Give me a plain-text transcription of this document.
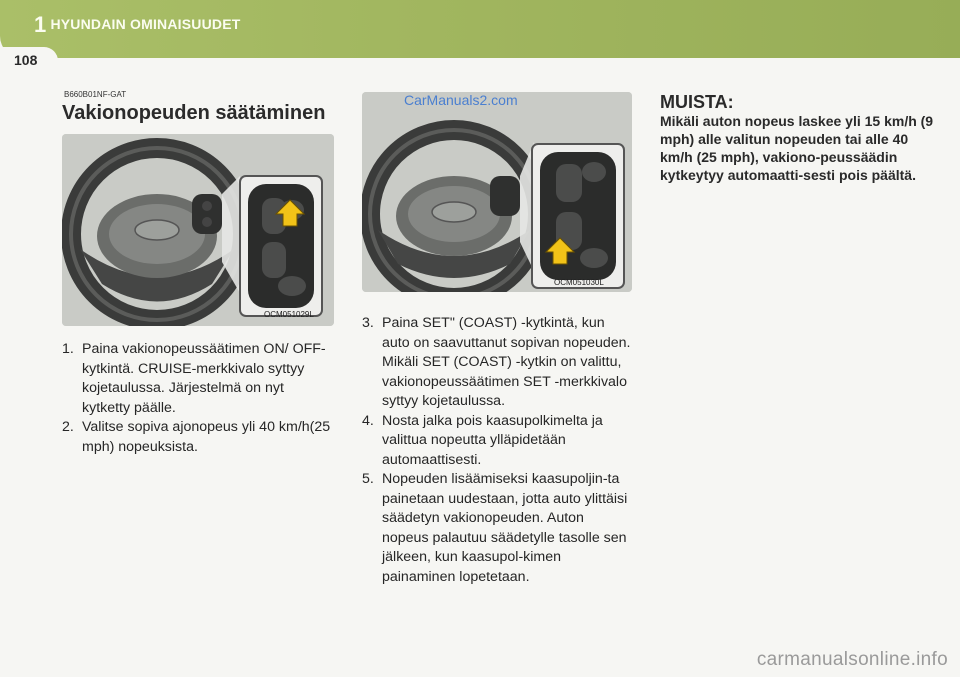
1 HYUNDAIN OMINAISUUDET
108
B660B01NF-GAT
Vakionopeuden säätäminen
OCM051029L
OCM051030L
CarManuals2.com
1. Paina vakionopeussäätimen ON/ OFF-kytkintä. CRUISE-merkkivalo syttyy kojetaulussa. Järjestelmä on nyt kytketty päälle.
2. Valitse sopiva ajonopeus yli 40 km/h(25 mph) nopeuksista.
3. Paina SET" (COAST) -kytkintä, kun auto on saavuttanut sopivan nopeuden. Mikäli SET (COAST) -kytkin on valittu, vakionopeussäätimen SET -merkkivalo syttyy kojetaulussa.
4. Nosta jalka pois kaasupolkimelta ja valittua nopeutta ylläpidetään automaattisesti.
5. Nopeuden lisäämiseksi kaasupoljin-ta painetaan uudestaan, jotta auto ylittäisi säädetyn vakionopeuden. Auton nopeus palautuu säädetylle tasolle sen jälkeen, kun kaasupol-kimen painaminen lopetetaan.
MUISTA:
Mikäli auton nopeus laskee yli 15 km/h (9 mph) alle valitun nopeuden tai alle 40 km/h (25 mph), vakiono-peussäädin kytkeytyy automaatti-sesti pois päältä.
carmanualsonline.info
